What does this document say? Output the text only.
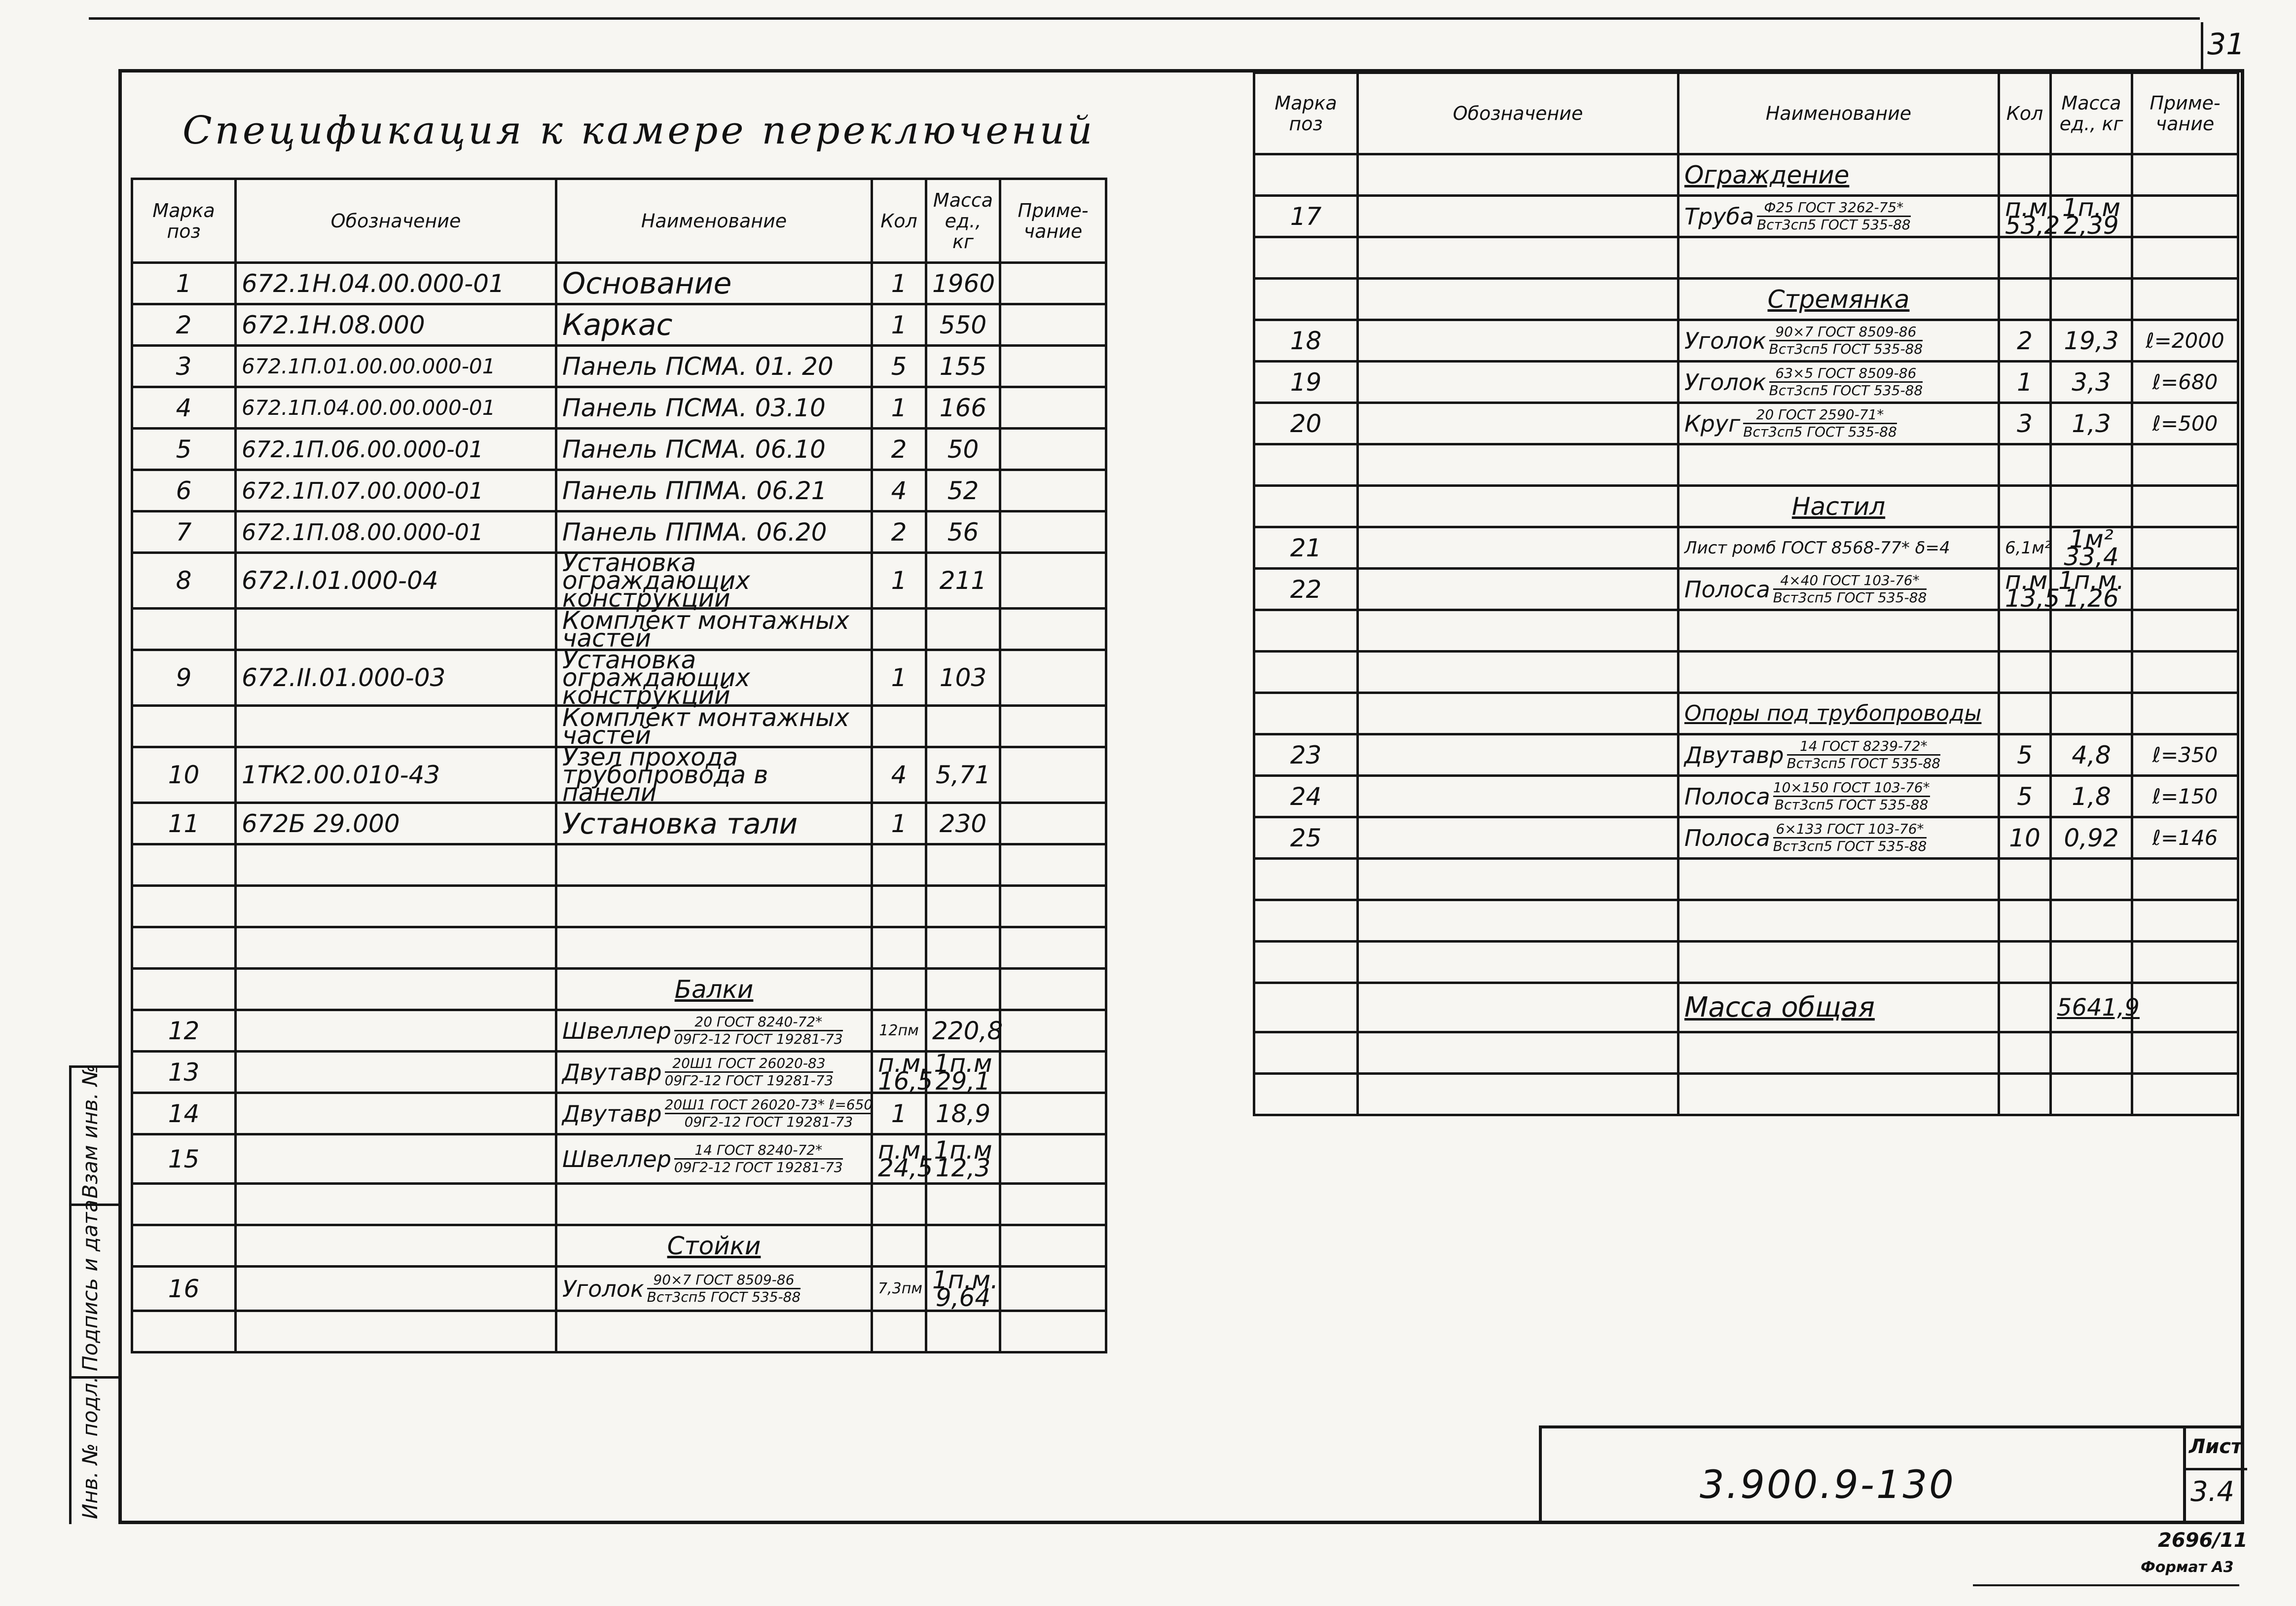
31
Инв. № подл.
Подпись и дата
Взам инв. №
Спецификация к камере переключений
Марка поз	Обозначение	Наименование	Кол	Масса ед., кг	Приме-чание
1	672.1Н.04.00.000-01	Основание	1	1960	
2	672.1Н.08.000	Каркас	1	550	
3	672.1П.01.00.00.000-01	Панель ПСМА. 01. 20	5	155	
4	672.1П.04.00.00.000-01	Панель ПСМА. 03.10	1	166	
5	672.1П.06.00.000-01	Панель ПСМА. 06.10	2	50	
6	672.1П.07.00.000-01	Панель ППМА. 06.21	4	52	
7	672.1П.08.00.000-01	Панель ППМА. 06.20	2	56	
8	672.I.01.000-04	Установка ограждающих конструкций	1	211	
		Комплект монтажных частей			
9	672.II.01.000-03	Установка ограждающих конструкций	1	103	
		Комплект монтажных частей			
10	1ТК2.00.010-43	Узел прохода трубопровода в панели	4	5,71	
11	672Б 29.000	Установка тали	1	230	

		Балки			
12		Швеллер 20 ГОСТ 8240-72*
09Г2-12 ГОСТ 19281-73	12пм	220,8	
13		Двутавр 20Ш1 ГОСТ 26020-83
09Г2-12 ГОСТ 19281-73	п.м. 16,5	1п.м 29,1	
14		Двутавр 20Ш1 ГОСТ 26020-73* ℓ=650
09Г2-12 ГОСТ 19281-73	1	18,9	
15		Швеллер 14 ГОСТ 8240-72*
09Г2-12 ГОСТ 19281-73	п.м. 24,5	1п.м 12,3	

		Стойки			
16		Уголок 90×7 ГОСТ 8509-86
Вст3сп5 ГОСТ 535-88	7,3пм	1п.м. 9,64	

Марка поз	Обозначение	Наименование	Кол	Масса ед., кг	Приме-чание
		Ограждение			
17		Труба Ф25 ГОСТ 3262-75*
Вст3сп5 ГОСТ 535-88	п.м 53,2	1п.м 2,39	

		Стремянка			
18		Уголок 90×7 ГОСТ 8509-86
Вст3сп5 ГОСТ 535-88	2	19,3	ℓ=2000
19		Уголок 63×5 ГОСТ 8509-86
Вст3сп5 ГОСТ 535-88	1	3,3	ℓ=680
20		Круг 20 ГОСТ 2590-71*
Вст3сп5 ГОСТ 535-88	3	1,3	ℓ=500

		Настил			
21		Лист ромб ГОСТ 8568-77* δ=4	6,1м²	1м² 33,4	
22		Полоса 4×40 ГОСТ 103-76*
Вст3сп5 ГОСТ 535-88	п.м 13,5	1п.м. 1,26	

		Опоры под трубопроводы			
23		Двутавр 14 ГОСТ 8239-72*
Вст3сп5 ГОСТ 535-88	5	4,8	ℓ=350
24		Полоса 10×150 ГОСТ 103-76*
Вст3сп5 ГОСТ 535-88	5	1,8	ℓ=150
25		Полоса 6×133 ГОСТ 103-76*
Вст3сп5 ГОСТ 535-88	10	0,92	ℓ=146

		Масса общая		5641,9	

3.900.9-130
Лист
3.4
2696/11
Формат А3
